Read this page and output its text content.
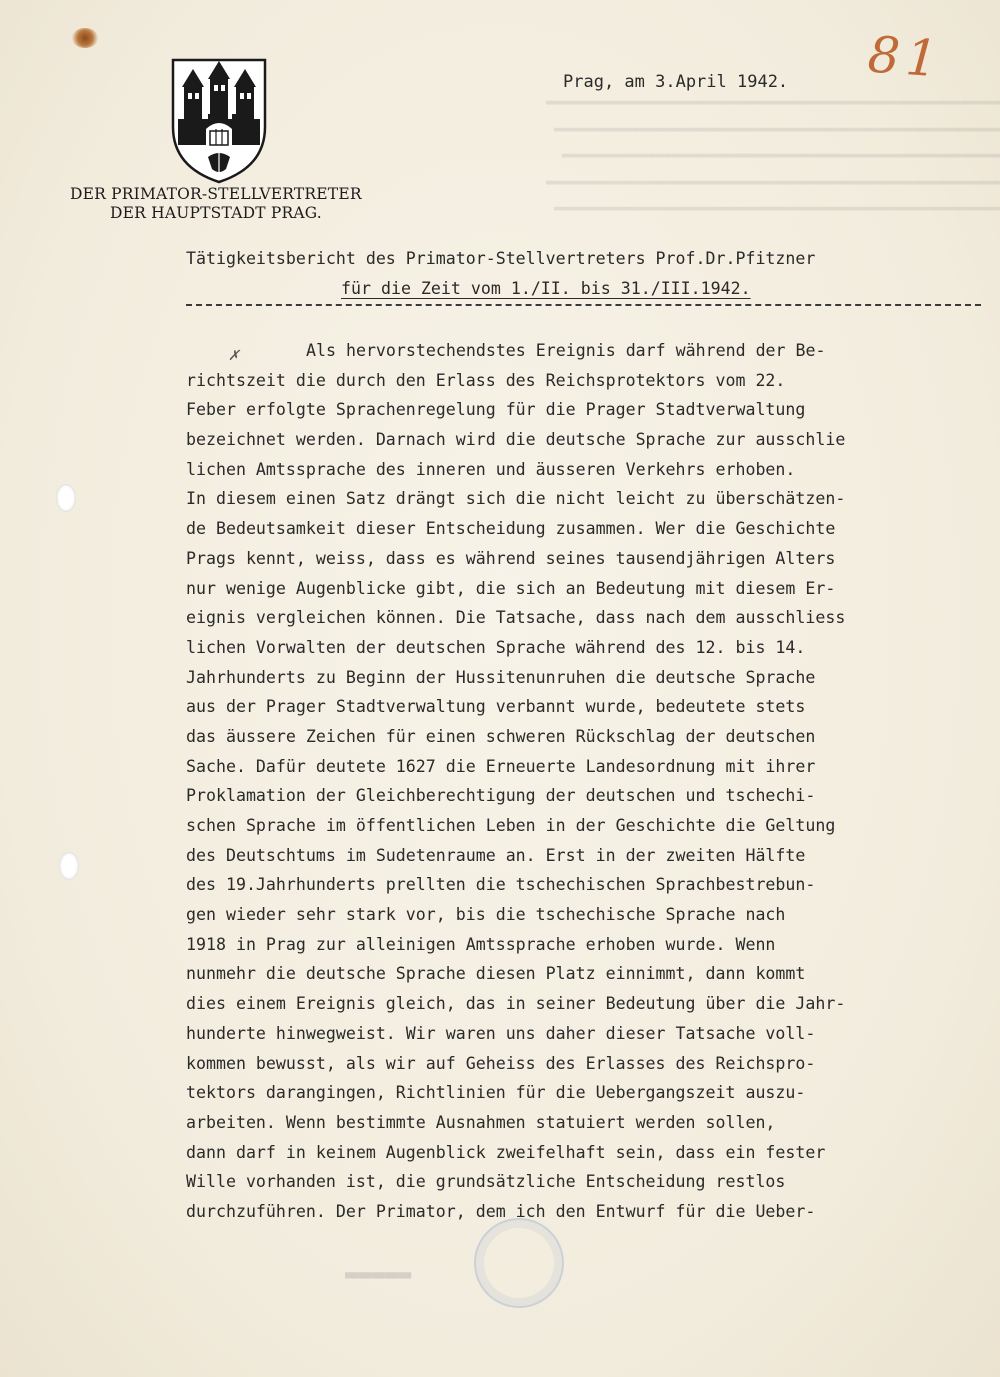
DER PRIMATOR-STELLVERTRETER
DER HAUPTSTADT PRAG.
Prag, am 3.April 1942. 81
Tätigkeitsbericht des Primator-Stellvertreters Prof.Dr.Pfitzner
für die Zeit vom 1./II. bis 31./III.1942.
✗	Als hervorstechendstes Ereignis darf während der Be-
richtszeit die durch den Erlass des Reichsprotektors vom 22.
Feber erfolgte Sprachenregelung für die Prager Stadtverwaltung
bezeichnet werden. Darnach wird die deutsche Sprache zur ausschlie
lichen Amtssprache des inneren und äusseren Verkehrs erhoben.
In diesem einen Satz drängt sich die nicht leicht zu überschätzen-
de Bedeutsamkeit dieser Entscheidung zusammen. Wer die Geschichte
Prags kennt, weiss, dass es während seines tausendjährigen Alters
nur wenige Augenblicke gibt, die sich an Bedeutung mit diesem Er-
eignis vergleichen können. Die Tatsache, dass nach dem ausschliess
lichen Vorwalten der deutschen Sprache während des 12. bis 14.
Jahrhunderts zu Beginn der Hussitenunruhen die deutsche Sprache
aus der Prager Stadtverwaltung verbannt wurde, bedeutete stets
das äussere Zeichen für einen schweren Rückschlag der deutschen
Sache. Dafür deutete 1627 die Erneuerte Landesordnung mit ihrer
Proklamation der Gleichberechtigung der deutschen und tschechi-
schen Sprache im öffentlichen Leben in der Geschichte die Geltung
des Deutschtums im Sudetenraume an. Erst in der zweiten Hälfte
des 19.Jahrhunderts prellten die tschechischen Sprachbestrebun-
gen wieder sehr stark vor, bis die tschechische Sprache nach
1918 in Prag zur alleinigen Amtssprache erhoben wurde. Wenn
nunmehr die deutsche Sprache diesen Platz einnimmt, dann kommt
dies einem Ereignis gleich, das in seiner Bedeutung über die Jahr-
hunderte hinwegweist. Wir waren uns daher dieser Tatsache voll-
kommen bewusst, als wir auf Geheiss des Erlasses des Reichspro-
tektors darangingen, Richtlinien für die Uebergangszeit auszu-
arbeiten. Wenn bestimmte Ausnahmen statuiert werden sollen,
dann darf in keinem Augenblick zweifelhaft sein, dass ein fester
Wille vorhanden ist, die grundsätzliche Entscheidung restlos
durchzuführen. Der Primator, dem ich den Entwurf für die Ueber-
▬▬▬▬▬
